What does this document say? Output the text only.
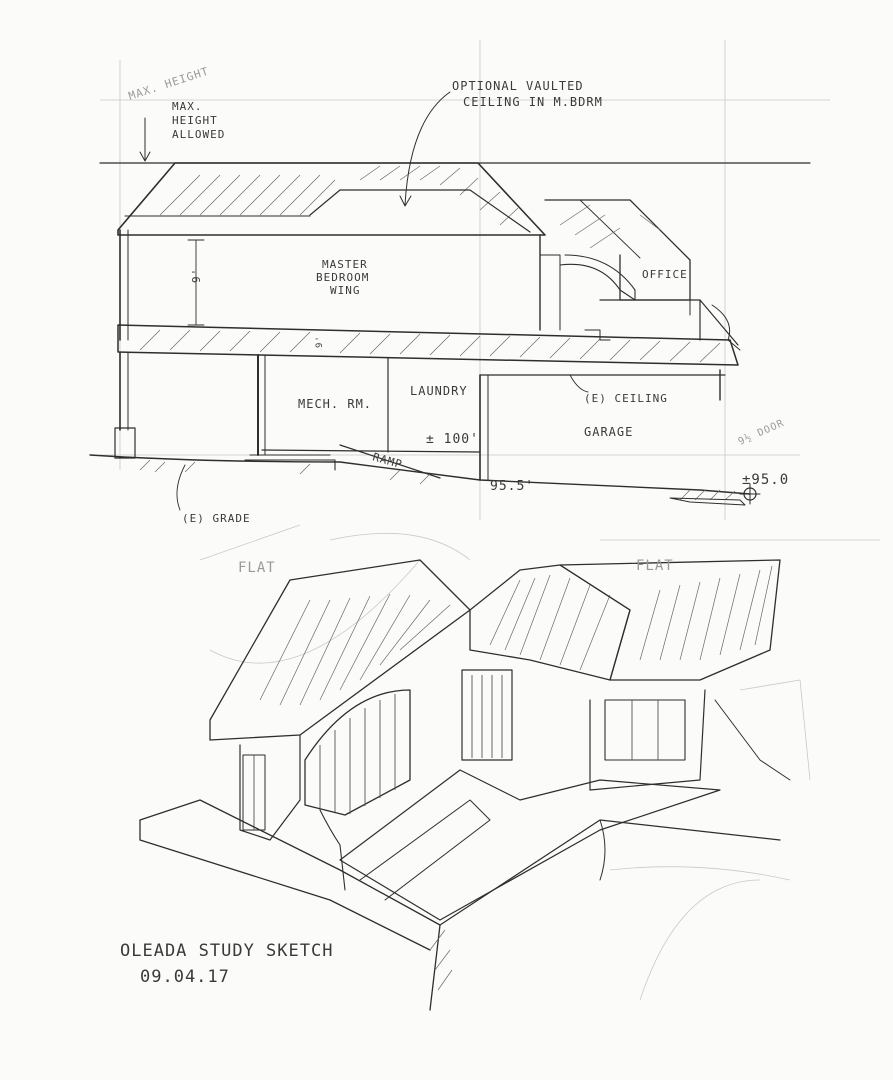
MAX. HEIGHT
MAX.
HEIGHT
ALLOWED
OPTIONAL VAULTED
CEILING IN M.BDRM
MASTER
BEDROOM
WING
OFFICE
9'
9'
MECH. RM.
LAUNDRY
± 100'
(E) CEILING
GARAGE
RAMP
95.5'	±95.0
9½ DOOR
(E) GRADE
FLAT	FLAT
OLEADA STUDY SKETCH
09.04.17
